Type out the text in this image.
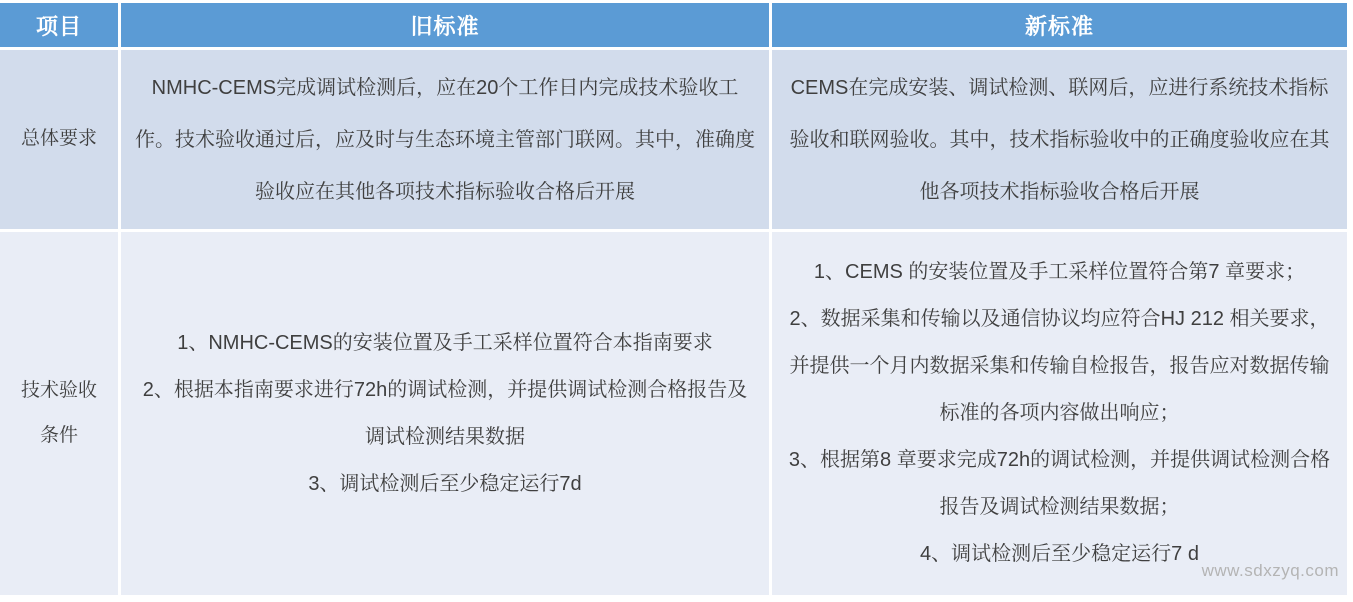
项目	旧标准	新标准
总体要求

NMHC-CEMS完成调试检测后，应在20个工作日内完成技术验收工作。技术验收通过后，应及时与生态环境主管部门联网。其中，准确度验收应在其他各项技术指标验收合格后开展

CEMS在完成安装、调试检测、联网后，应进行系统技术指标验收和联网验收。其中，技术指标验收中的正确度验收应在其他各项技术指标验收合格后开展

技术验收
条件

1、NMHC-CEMS的安装位置及手工采样位置符合本指南要求

2、根据本指南要求进行72h的调试检测，并提供调试检测合格报告及调试检测结果数据

3、调试检测后至少稳定运行7d

1、CEMS 的安装位置及手工采样位置符合第7 章要求；

2、数据采集和传输以及通信协议均应符合HJ 212 相关要求，并提供一个月内数据采集和传输自检报告，报告应对数据传输标准的各项内容做出响应；

3、根据第8 章要求完成72h的调试检测，并提供调试检测合格报告及调试检测结果数据；

4、调试检测后至少稳定运行7 d

www.sdxzyq.com
